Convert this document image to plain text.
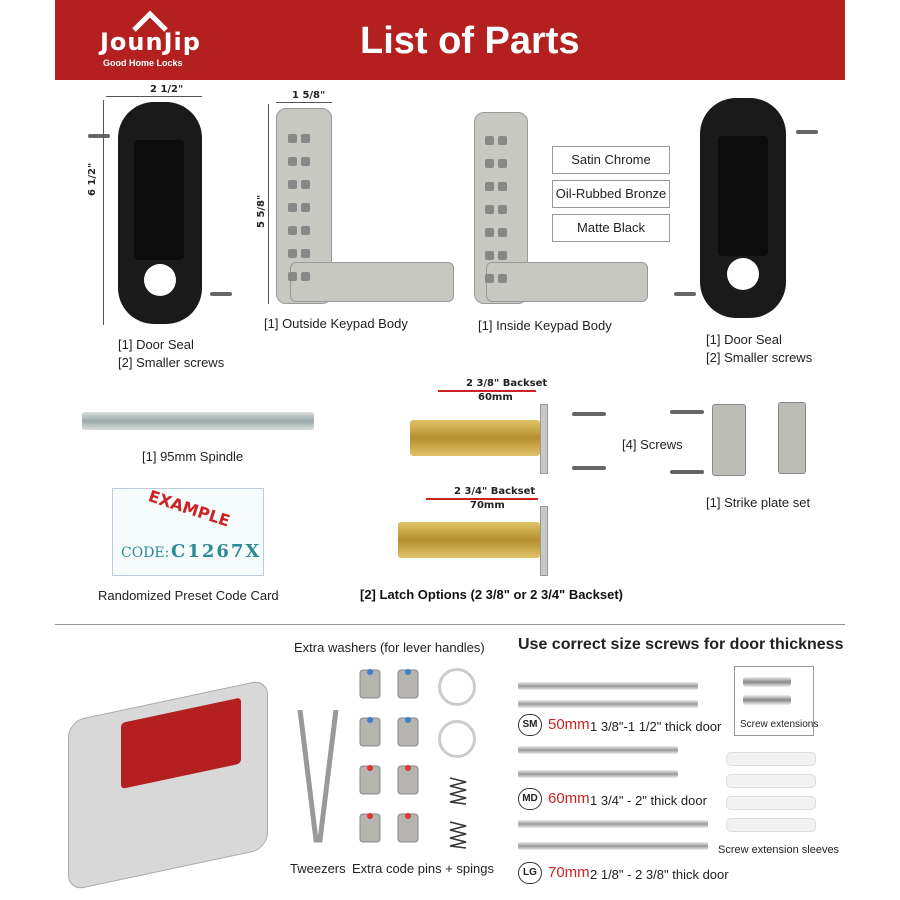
JounJip
Good Home Locks
List of Parts
2 1/2"
6 1/2"
[1] Door Seal
[2] Smaller screws
1 5/8"
5 5/8"

[1] Outside Keypad Body

	[1] Inside Keypad Body
Satin Chrome
Oil-Rubbed Bronze
Matte Black
[1] Door Seal
[2] Smaller screws
[1] 95mm Spindle
2 3/8" Backset
60mm
2 3/4" Backset
70mm
[4] Screws
[1] Strike plate set
EXAMPLE
CODE: C1267X
Randomized Preset Code Card	[2] Latch Options (2 3/8" or 2 3/4" Backset)
Extra washers (for lever handles) Use correct size screws for door thickness
Tweezers Extra code pins + spings
SM 50mm 1 3/8"-1 1/2" thick door
MD 60mm 1 3/4" - 2" thick door
LG 70mm 2 1/8" - 2 3/8" thick door
Screw extensions
Screw extension sleeves
